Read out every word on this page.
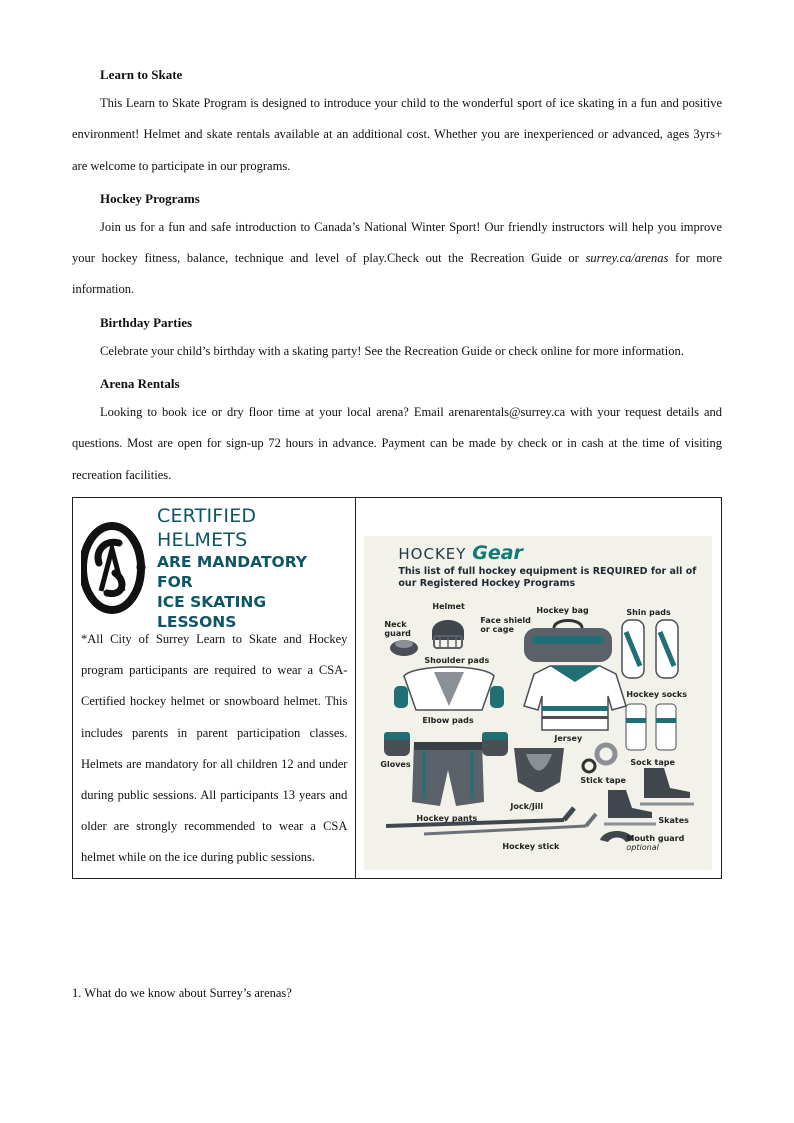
Learn to Skate

This Learn to Skate Program is designed to introduce your child to the wonderful sport of ice skating in a fun and positive environment! Helmet and skate rentals available at an additional cost. Whether you are inexperienced or advanced, ages 3yrs+ are welcome to participate in our programs.

Hockey Programs

Join us for a fun and safe introduction to Canada’s National Winter Sport! Our friendly instructors will help you improve your hockey fitness, balance, technique and level of play.Check out the Recreation Guide or surrey.ca/arenas for more information.

Birthday Parties

Celebrate your child’s birthday with a skating party! See the Recreation Guide or check online for more information.

Arena Rentals

Looking to book ice or dry floor time at your local arena? Email arenarentals@surrey.ca with your request details and questions. Most are open for sign-up 72 hours in advance. Payment can be made by check or in cash at the time of visiting recreation facilities.

R
CERTIFIED HELMETS
ARE MANDATORY FOR
ICE SKATING LESSONS

*All City of Surrey Learn to Skate and Hockey program participants are required to wear a CSA-Certified hockey helmet or snowboard helmet. This includes parents in parent participation classes. Helmets are mandatory for all children 12 and under during public sessions. All participants 13 years and older are strongly recommended to wear a CSA helmet while on the ice during public sessions.

HOCKEY Gear
This list of full hockey equipment is REQUIRED for all of our Registered Hockey Programs
Helmet
Face shield or cage
Hockey bag	Shin pads
Neck guard
Shoulder pads
Hockey socks
Elbow pads
Jersey
Gloves	Sock tape
Stick tape
Jock/Jill
Hockey pants	Skates
Hockey stick
Mouth guard
optional
1. What do we know about Surrey’s arenas?
